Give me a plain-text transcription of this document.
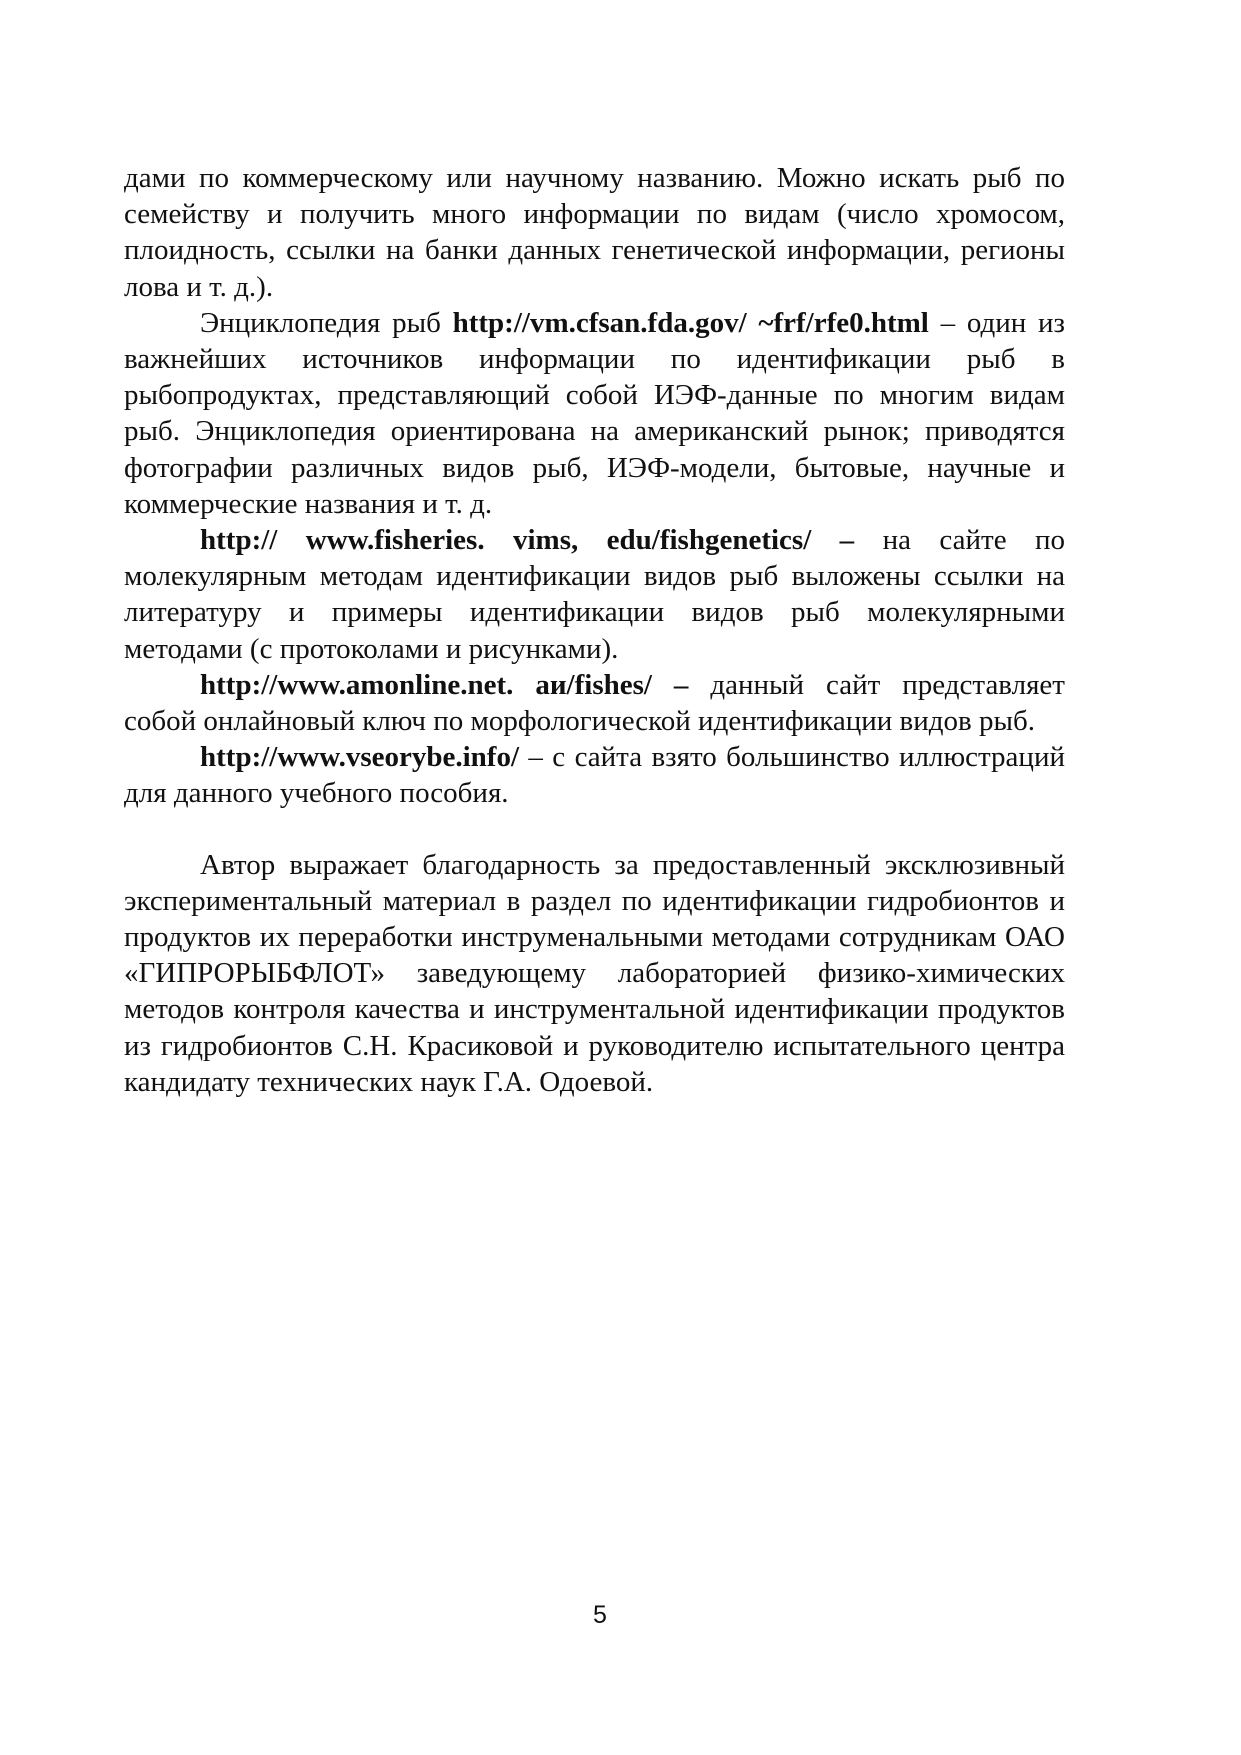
дами по коммерческому или научному названию. Можно искать рыб по семейству и получить много информации по видам (число хромосом, плоидность, ссылки на банки данных генетической информации, регионы лова и т. д.).

Энциклопедия рыб http://vm.cfsan.fda.gov/ ~frf/rfe0.html – один из важнейших источников информации по идентификации рыб в рыбопродуктах, представляющий собой ИЭФ-данные по многим видам рыб. Энциклопедия ориентирована на американский рынок; приводятся фотографии различных видов рыб, ИЭФ-модели, бытовые, научные и коммерческие названия и т. д.

http:// www.fisheries. vims, edu/fishgenetics/ – на сайте по молекулярным методам идентификации видов рыб выложены ссылки на литературу и примеры идентификации видов рыб молекулярными методами (с протоколами и рисунками).

http://www.amonline.net. аи/fishes/ – данный сайт представляет собой онлайновый ключ по морфологической идентификации видов рыб.

http://www.vseorybe.info/ – с сайта взято большинство иллюстраций для данного учебного пособия.

Автор выражает благодарность за предоставленный эксклюзивный экспериментальный материал в раздел по идентификации гидробионтов и продуктов их переработки инструменальными методами сотрудникам ОАО «ГИПРОРЫБФЛОТ» заведующему лабораторией физико-химических методов контроля качества и инструментальной идентификации продуктов из гидробионтов С.Н. Красиковой и руководителю испытательного центра кандидату технических наук Г.А. Одоевой.

5
